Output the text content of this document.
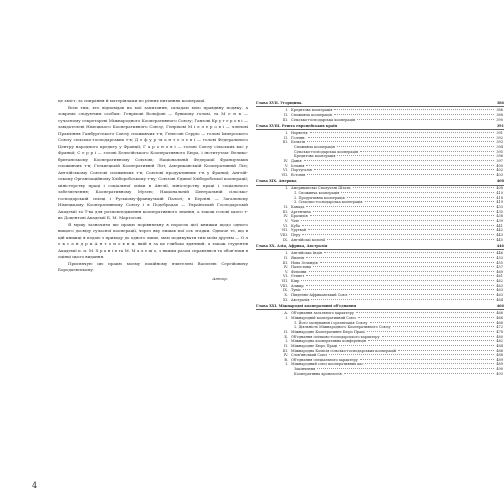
це зміст, за спирання й матеріялами по різних питаннях кооперації.

Всім тим, хто відповідав на мої запитання, складаю мою правдину подяку, а зокрема слідуючим особам: Генріхові Вольфові — бувшому голові, та М е н к — сучасному секретареві Міжнародного Кооперативного Союзу; Ганзові Кр у г е р о в і — завідателеві Німецького Кооперативного Союзу, Генріхові М і л л е р о в і — членові Правління Гамбурґського Союзу споживчих т-в; Ґенесові Серріо — голові Імперського Союзу сільсько-господарських т-в; Д е ф у р -м а н т е л е в і — голові Федерального Центру народного кредиту у Франції; Ґ а р о н о в і — голові Союзу сільських кас у Франції; С е р р і — голові Бельгійського Кооперативного Бюра, і інститутам: Велико-британському Кооперативному Союзові; Національній Федерації Французьких споживчих т-в; Гельвецькій Кооперативній Лігі; Американській Кооперативній Лізі; Англійському Союзові споживчих т-в; Союзові продуктивних т-в у Франції; Англійському Організаційному Хліборобському т-ву; Союзові Єдиної Хліборобської кооперації; міністерству праці і соціальної опіки в Англії, міністерству праці і соціального забезпечення; Кооперативному Музею; Національній Центральній сільсько-господарській спілці і Руському-французькій Палаті; в Берліні — Загальному Німецькому Кооперативному Союзу і в Подєбрадах — Українській Господарській Академії та Т-ва для розповсюдження кооперативного знання, а також голові цього т-ва Доцентові Академії Б. М. Мартосові.

Я мушу зазначити ще працю порівняльну в порогах цієї книжки щодо одного вищого досвіду сучасної кооперації, через яку лишав мої ось згадки. Одначе те, що в цій книжці я подаю з приводу до одного лише, маю подякувати тим моїм друзям — О л е к с а н д р и А н т о н о в н и, якій я за це глибоко вдячний, а також студентів Академії п. п. М. Х р а н і я та М. М а л е ш о, з якими разом справлявся та обов'язки в оцінці цього видання.

Присвячую цю працю моєму покійному вчителеві Василеві Сергійовичу Бородаєвському.

Автор.
4
Глава XVII. Угорщина.	386
I. Кредитова кооперація	386
II. Споживча кооперація	388
III. Сільсько-господарська кооперація	390
Глава XVIII. Решта европейських країн	391
I. Норвегія	391
II. Ґоллян.	392
III. Бельгія	393
Споживча кооперація	394
Сільсько-господарська кооперація	395
Кредитова кооперація	396
IV. Данія	397
V. Іспанія	400
VI. Португалія	402
VII. Естонія	403
Глава XIX. Америка	408
I. Американські Сполучені Штати	408
1. Споживча кооперація	410
2. Продуктивна кооперація	418
3. Сільсько-господарська кооперація	419
II. Канада	433
III. Аргентина	435
IV. Бразилія	438
V. Чіле	439
VI. Куба	441
VII. Уругвай	442
VIII. Перу	443
IX. Англійські колонії	445
Глава XX. Азія, Африка, Австралія	446
I. Англійська Індія	446
II. Японія	453
III. Нова Зеландія	455
IV. Палестина	457
V. Філіпіни	460
VI. Єгипет	461
VII. Кіпр	462
VIII. Алжир	463
IX. Туніс	463
X. Південно-Африканський Союз	463
XI. Австралія	464
Глава XXI. Міжнародні кооперативні об'єднання	466
А. Об'єднання загального характеру	466
I. Міжнародній кооперативний Союз	466
1. Його заснування і організація Союзу	468
2. Діяльність Міжнародного Кооперативного Союзу	472
II. Міжнародне Кооперативне Бюро Праці	478
Б. Об'єднання спілково-господарського характеру	480
I. Міжнародна кооперативна конференція	482
II. Міжнародне Бюро Праці	484
III. Міжнародна Комісія сільсько-господарських кооперацій	486
IV. Слов'янський Союз	488
В. Об'єднання спеціального характеру	489
I. Міжнародний союз кооперативних кас	489
Закінчення	490
Кооперативна хронологія	493
